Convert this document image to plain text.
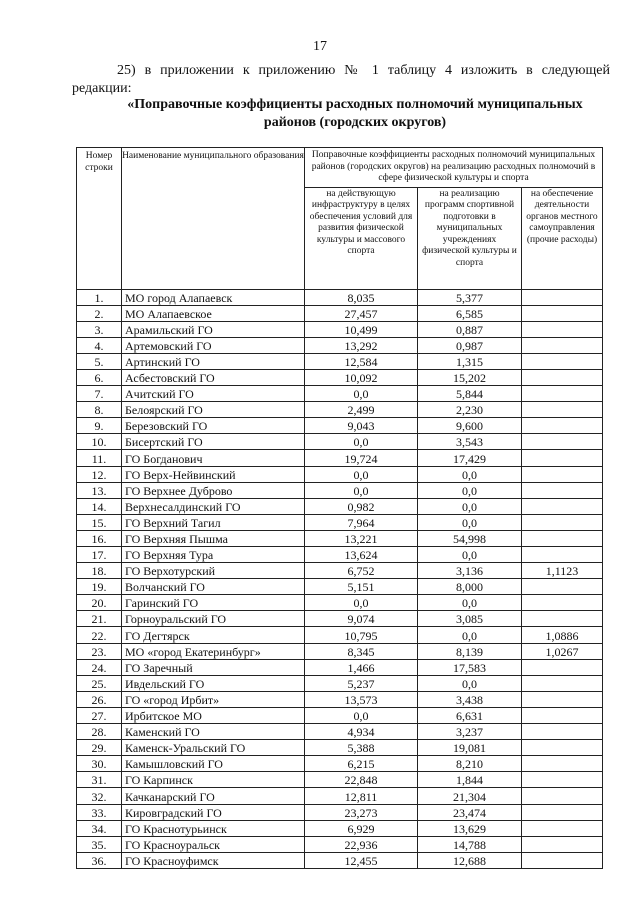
17
25) в приложении к приложению № 1 таблицу 4 изложить в следующей
редакции:
«Поправочные коэффициенты расходных полномочий муниципальных
районов (городских округов)
Номер строки	Наименование муниципального образования	Поправочные коэффициенты расходных полномочий муниципальных районов (городских округов) на реализацию расходных полномочий в сфере физической культуры и спорта		
		на действующую инфраструктуру в целях обеспечения условий для развития физической культуры и массового спорта	на реализацию программ спортивной подготовки в муниципальных учреждениях физической культуры и спорта	на обеспечение деятельности органов местного самоуправления (прочие расходы)
1.	МО город Алапаевск	8,035	5,377	
2.	МО Алапаевское	27,457	6,585	
3.	Арамильский ГО	10,499	0,887	
4.	Артемовский ГО	13,292	0,987	
5.	Артинский ГО	12,584	1,315	
6.	Асбестовский ГО	10,092	15,202	
7.	Ачитский ГО	0,0	5,844	
8.	Белоярский ГО	2,499	2,230	
9.	Березовский ГО	9,043	9,600	
10.	Бисертский ГО	0,0	3,543	
11.	ГО Богданович	19,724	17,429	
12.	ГО Верх-Нейвинский	0,0	0,0	
13.	ГО Верхнее Дуброво	0,0	0,0	
14.	Верхнесалдинский ГО	0,982	0,0	
15.	ГО Верхний Тагил	7,964	0,0	
16.	ГО Верхняя Пышма	13,221	54,998	
17.	ГО Верхняя Тура	13,624	0,0	
18.	ГО Верхотурский	6,752	3,136	1,1123
19.	Волчанский ГО	5,151	8,000	
20.	Гаринский ГО	0,0	0,0	
21.	Горноуральский ГО	9,074	3,085	
22.	ГО Дегтярск	10,795	0,0	1,0886
23.	МО «город Екатеринбург»	8,345	8,139	1,0267
24.	ГО Заречный	1,466	17,583	
25.	Ивдельский ГО	5,237	0,0	
26.	ГО «город Ирбит»	13,573	3,438	
27.	Ирбитское МО	0,0	6,631	
28.	Каменский ГО	4,934	3,237	
29.	Каменск-Уральский ГО	5,388	19,081	
30.	Камышловский ГО	6,215	8,210	
31.	ГО Карпинск	22,848	1,844	
32.	Качканарский ГО	12,811	21,304	
33.	Кировградский ГО	23,273	23,474	
34.	ГО Краснотурьинск	6,929	13,629	
35.	ГО Красноуральск	22,936	14,788	
36.	ГО Красноуфимск	12,455	12,688	
